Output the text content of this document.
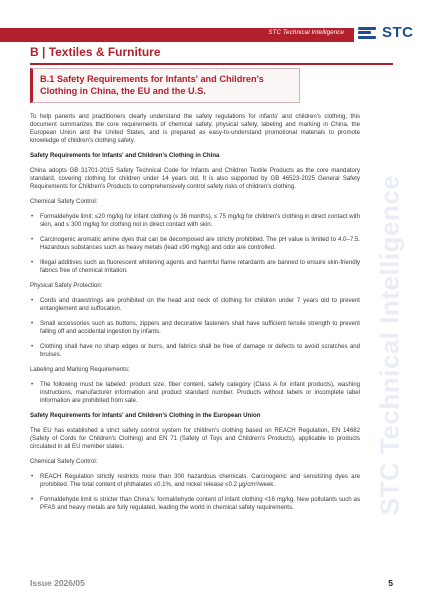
STC Technical Intelligence	STC
B | Textiles & Furniture
B.1 Safety Requirements for Infants' and Children's Clothing in China, the EU and the U.S.
STC Technical Intelligence

To help parents and practitioners clearly understand the safety regulations for infants' and children's clothing, this document summarizes the core requirements of chemical safety, physical safety, labeling and marking in China, the European Union and the United States, and is prepared as easy-to-understand promotional materials to promote knowledge of children's clothing safety.

Safety Requirements for Infants' and Children's Clothing in China

China adopts GB 31701-2015 Safety Technical Code for Infants and Children Textile Products as the core mandatory standard, covering clothing for children under 14 years old. It is also supported by GB 46523-2025 General Safety Requirements for Children's Products to comprehensively control safety risks of children's clothing.

Chemical Safety Control:

• Formaldehyde limit: ≤20 mg/kg for infant clothing (≤ 36 months), ≤ 75 mg/kg for children's clothing in direct contact with skin, and ≤ 300 mg/kg for clothing not in direct contact with skin.
• Carcinogenic aromatic amine dyes that can be decomposed are strictly prohibited. The pH value is limited to 4.0–7.5. Hazardous substances such as heavy metals (lead ≤90 mg/kg) and odor are controlled.
• Illegal additives such as fluorescent whitening agents and harmful flame retardants are banned to ensure skin-friendly fabrics free of chemical irritation.

Physical Safety Protection:

• Cords and drawstrings are prohibited on the head and neck of clothing for children under 7 years old to prevent entanglement and suffocation.
• Small accessories such as buttons, zippers and decorative fasteners shall have sufficient tensile strength to prevent falling off and accidental ingestion by infants.
• Clothing shall have no sharp edges or burrs, and fabrics shall be free of damage or defects to avoid scratches and bruises.

Labeling and Marking Requirements:

• The following must be labeled: product size, fiber content, safety category (Class A for infant products), washing instructions, manufacturer information and product standard number. Products without labels or incomplete label information are prohibited from sale.

Safety Requirements for Infants' and Children's Clothing in the European Union

The EU has established a strict safety control system for children's clothing based on REACH Regulation, EN 14682 (Safety of Cords for Children's Clothing) and EN 71 (Safety of Toys and Children's Products), applicable to products circulated in all EU member states.

Chemical Safety Control:

• REACH Regulation strictly restricts more than 300 hazardous chemicals. Carcinogenic and sensitizing dyes are prohibited. The total content of phthalates ≤0.1%, and nickel release ≤0.2 μg/cm²/week.
• Formaldehyde limit is stricter than China's: formaldehyde content of infant clothing <16 mg/kg. New pollutants such as PFAS and heavy metals are fully regulated, leading the world in chemical safety requirements.
Issue 2026/05	5
